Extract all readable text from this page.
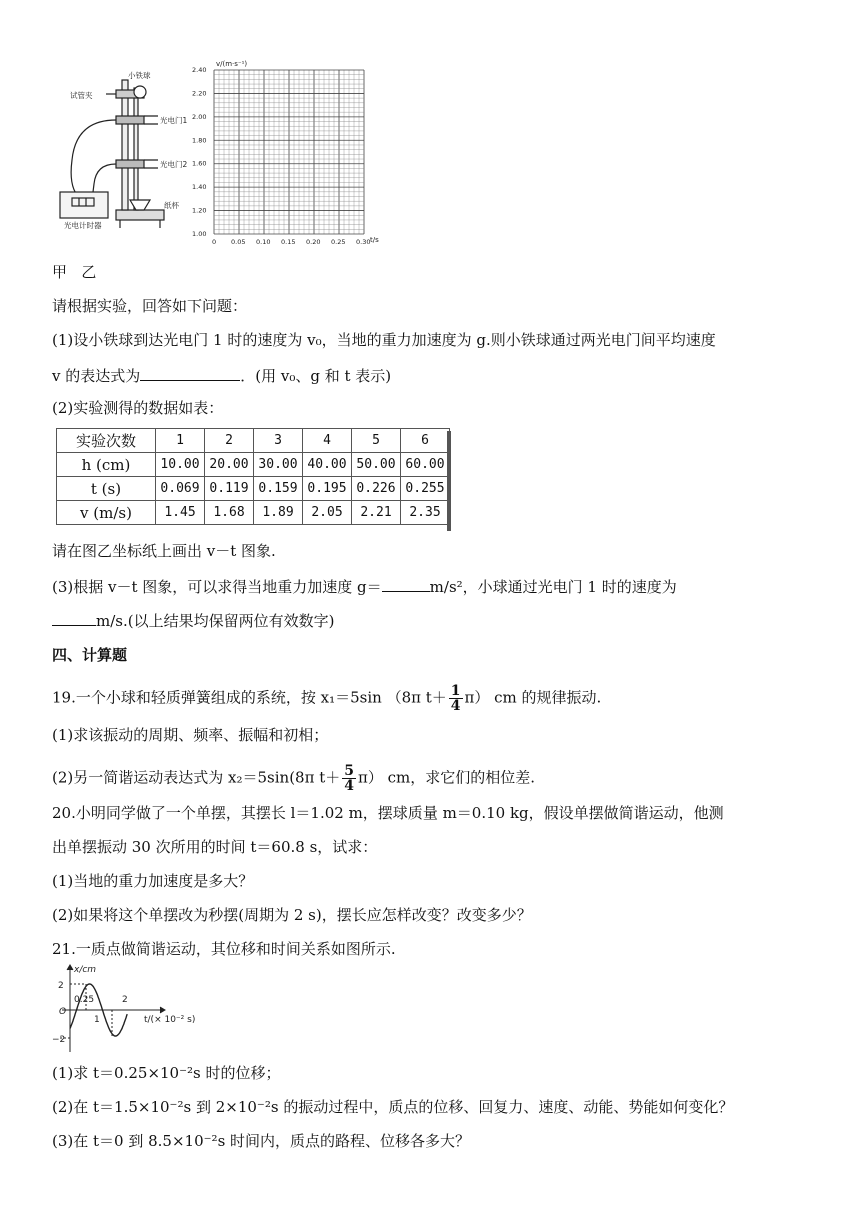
试管夹
小铁球
光电门1
光电门2
纸杯
光电计时器
v/(m·s⁻¹)
t/s
2.40
2.20
2.00
1.80
1.60
1.40
1.20
1.00
0 0.05 0.10 0.15 0.20 0.25 0.30
甲 乙
请根据实验，回答如下问题：
(1)设小铁球到达光电门 1 时的速度为 v₀，当地的重力加速度为 g.则小铁球通过两光电门间平均速度
v 的表达式为	．(用 v₀、g 和 t 表示)
(2)实验测得的数据如表：
实验次数	1	2	3	4	5	6
h (cm)	10.00	20.00	30.00	40.00	50.00	60.00
t (s)	0.069	0.119	0.159	0.195	0.226	0.255
v (m/s)	1.45	1.68	1.89	2.05	2.21	2.35
请在图乙坐标纸上画出 v－t 图象.
(3)根据 v－t 图象，可以求得当地重力加速度 g＝	m/s²，小球通过光电门 1 时的速度为
m/s.(以上结果均保留两位有效数字)
四、计算题
19.一个小球和轻质弹簧组成的系统，按 x₁＝5sin （8π $t+ \frac{1}{4} \pi$） cm 的规律振动.
(1)求该振动的周期、频率、振幅和初相；
(2)另一简谐运动表达式为 x₂＝5sin(8π $t+ \frac{5}{4} \pi$） cm，求它们的相位差.
20.小明同学做了一个单摆，其摆长 l＝1.02 m，摆球质量 m＝0.10 kg，假设单摆做简谐运动，他测
出单摆振动 30 次所用的时间 t＝60.8 s，试求：
(1)当地的重力加速度是多大？
(2)如果将这个单摆改为秒摆(周期为 2 s)，摆长应怎样改变？改变多少？
21.一质点做简谐运动，其位移和时间关系如图所示.
x/cm
2
−2
O
0.25
1
2
t/(× 10⁻² s)
(1)求 t＝0.25×10⁻²s 时的位移；
(2)在 t＝1.5×10⁻²s 到 2×10⁻²s 的振动过程中，质点的位移、回复力、速度、动能、势能如何变化？
(3)在 t＝0 到 8.5×10⁻²s 时间内，质点的路程、位移各多大？
